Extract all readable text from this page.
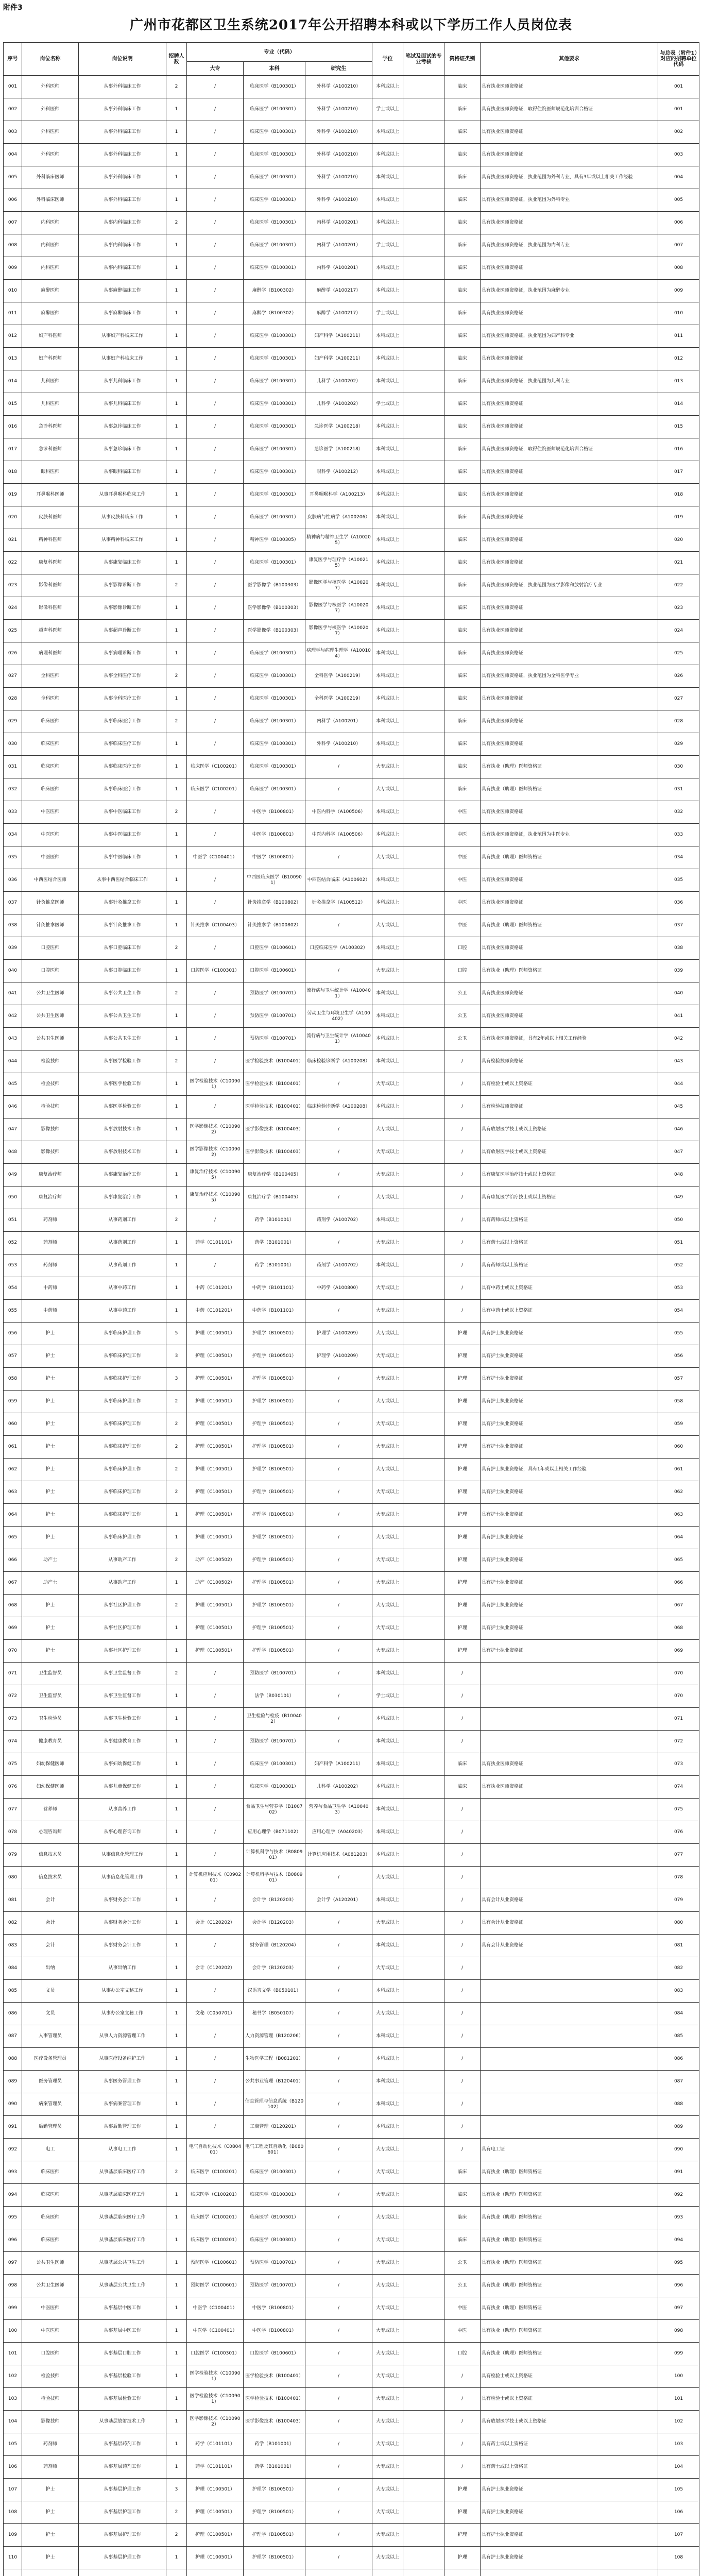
附件3
广州市花都区卫生系统2017年公开招聘本科或以下学历工作人员岗位表
序号	岗位名称	岗位说明	招聘人数	专业（代码）			学位	笔试及面试的专业考核	资格证类别	其他要求	与总表（附件1）对应的招聘单位代码
				大专	本科	研究生					
001	外科医师	从事外科临床工作	2	/	临床医学（B100301）	外科学（A100210）	本科或以上		临床	具有执业医师资格证	001
002	外科医师	从事外科临床工作	1	/	临床医学（B100301）	外科学（A100210）	学士或以上		临床	具有执业医师资格证，取得住院医师规范化培训合格证	001
003	外科医师	从事外科临床工作	1	/	临床医学（B100301）	外科学（A100210）	本科或以上		临床	具有执业医师资格证	002
004	外科医师	从事外科临床工作	1	/	临床医学（B100301）	外科学（A100210）	本科或以上		临床	具有执业医师资格证	003
005	外科临床医师	从事外科临床工作	1	/	临床医学（B100301）	外科学（A100210）	本科或以上		临床	具有执业医师资格证，执业范围为外科专业，具有3年或以上相关工作经验	004
006	外科临床医师	从事外科临床工作	1	/	临床医学（B100301）	外科学（A100210）	本科或以上		临床	具有执业医师资格证，执业范围为外科专业	005
007	内科医师	从事内科临床工作	2	/	临床医学（B100301）	内科学（A100201）	本科或以上		临床	具有执业医师资格证	006
008	内科医师	从事内科临床工作	1	/	临床医学（B100301）	内科学（A100201）	学士或以上		临床	具有执业医师资格证，执业范围为内科专业	007
009	内科医师	从事内科临床工作	1	/	临床医学（B100301）	内科学（A100201）	本科或以上		临床	具有执业医师资格证	008
010	麻醉医师	从事麻醉临床工作	1	/	麻醉学（B100302）	麻醉学（A100217）	本科或以上		临床	具有执业医师资格证，执业范围为麻醉专业	009
011	麻醉医师	从事麻醉临床工作	1	/	麻醉学（B100302）	麻醉学（A100217）	学士或以上		临床	具有执业医师资格证	010
012	妇产科医师	从事妇产科临床工作	1	/	临床医学（B100301）	妇产科学（A100211）	本科或以上		临床	具有执业医师资格证，执业范围为妇产科专业	011
013	妇产科医师	从事妇产科临床工作	1	/	临床医学（B100301）	妇产科学（A100211）	本科或以上		临床	具有执业医师资格证	012
014	儿科医师	从事儿科临床工作	1	/	临床医学（B100301）	儿科学（A100202）	本科或以上		临床	具有执业医师资格证，执业范围为儿科专业	013
015	儿科医师	从事儿科临床工作	1	/	临床医学（B100301）	儿科学（A100202）	学士或以上		临床	具有执业医师资格证	014
016	急诊科医师	从事急诊临床工作	1	/	临床医学（B100301）	急诊医学（A100218）	本科或以上		临床	具有执业医师资格证	015
017	急诊科医师	从事急诊临床工作	1	/	临床医学（B100301）	急诊医学（A100218）	本科或以上		临床	具有执业医师资格证，取得住院医师规范化培训合格证	016
018	眼科医师	从事眼科临床工作	1	/	临床医学（B100301）	眼科学（A100212）	本科或以上		临床	具有执业医师资格证	017
019	耳鼻喉科医师	从事耳鼻喉科临床工作	1	/	临床医学（B100301）	耳鼻咽喉科学（A100213）	本科或以上		临床	具有执业医师资格证	018
020	皮肤科医师	从事皮肤科临床工作	1	/	临床医学（B100301）	皮肤病与性病学（A100206）	本科或以上		临床	具有执业医师资格证	019
021	精神科医师	从事精神科临床工作	1	/	精神医学（B100305）	精神病与精神卫生学（A100205）	本科或以上		临床	具有执业医师资格证	020
022	康复科医师	从事康复临床工作	1	/	临床医学（B100301）	康复医学与理疗学（A100215）	本科或以上		临床	具有执业医师资格证	021
023	影像科医师	从事影像诊断工作	2	/	医学影像学（B100303）	影像医学与核医学（A100207）	本科或以上		临床	具有执业医师资格证，执业范围为医学影像和放射治疗专业	022
024	影像科医师	从事影像诊断工作	1	/	医学影像学（B100303）	影像医学与核医学（A100207）	本科或以上		临床	具有执业医师资格证	023
025	超声科医师	从事超声诊断工作	1	/	医学影像学（B100303）	影像医学与核医学（A100207）	本科或以上		临床	具有执业医师资格证	024
026	病理科医师	从事病理诊断工作	1	/	临床医学（B100301）	病理学与病理生理学（A100104）	本科或以上		临床	具有执业医师资格证	025
027	全科医师	从事全科医疗工作	2	/	临床医学（B100301）	全科医学（A100219）	本科或以上		临床	具有执业医师资格证，执业范围为全科医学专业	026
028	全科医师	从事全科医疗工作	1	/	临床医学（B100301）	全科医学（A100219）	本科或以上		临床	具有执业医师资格证	027
029	临床医师	从事临床医疗工作	2	/	临床医学（B100301）	内科学（A100201）	本科或以上		临床	具有执业医师资格证	028
030	临床医师	从事临床医疗工作	1	/	临床医学（B100301）	外科学（A100210）	本科或以上		临床	具有执业医师资格证	029
031	临床医师	从事临床医疗工作	1	临床医学（C100201）	临床医学（B100301）	/	大专或以上		临床	具有执业（助理）医师资格证	030
032	临床医师	从事临床医疗工作	1	临床医学（C100201）	临床医学（B100301）	/	大专或以上		临床	具有执业（助理）医师资格证	031
033	中医医师	从事中医临床工作	2	/	中医学（B100801）	中医内科学（A100506）	本科或以上		中医	具有执业医师资格证	032
034	中医医师	从事中医临床工作	1	/	中医学（B100801）	中医内科学（A100506）	本科或以上		中医	具有执业医师资格证，执业范围为中医专业	033
035	中医医师	从事中医临床工作	1	中医学（C100401）	中医学（B100801）	/	大专或以上		中医	具有执业（助理）医师资格证	034
036	中西医结合医师	从事中西医结合临床工作	1	/	中西医临床医学（B100901）	中西医结合临床（A100602）	本科或以上		中医	具有执业医师资格证	035
037	针灸推拿医师	从事针灸推拿工作	1	/	针灸推拿学（B100802）	针灸推拿学（A100512）	本科或以上		中医	具有执业医师资格证	036
038	针灸推拿医师	从事针灸推拿工作	1	针灸推拿（C100403）	针灸推拿学（B100802）	/	大专或以上		中医	具有执业（助理）医师资格证	037
039	口腔医师	从事口腔临床工作	2	/	口腔医学（B100601）	口腔临床医学（A100302）	本科或以上		口腔	具有执业医师资格证	038
040	口腔医师	从事口腔临床工作	1	口腔医学（C100301）	口腔医学（B100601）	/	大专或以上		口腔	具有执业（助理）医师资格证	039
041	公共卫生医师	从事公共卫生工作	2	/	预防医学（B100701）	流行病与卫生统计学（A100401）	本科或以上		公卫	具有执业医师资格证	040
042	公共卫生医师	从事公共卫生工作	1	/	预防医学（B100701）	劳动卫生与环境卫生学（A100402）	本科或以上		公卫	具有执业医师资格证	041
043	公共卫生医师	从事公共卫生工作	1	/	预防医学（B100701）	流行病与卫生统计学（A100401）	本科或以上		公卫	具有执业医师资格证，具有2年或以上相关工作经验	042
044	检验技师	从事医学检验工作	2	/	医学检验技术（B100401）	临床检验诊断学（A100208）	本科或以上		/	具有检验技师资格证	043
045	检验技师	从事医学检验工作	1	医学检验技术（C100901）	医学检验技术（B100401）	/	大专或以上		/	具有检验士或以上资格证	044
046	检验技师	从事医学检验工作	1	/	医学检验技术（B100401）	临床检验诊断学（A100208）	本科或以上		/	具有检验技师资格证	045
047	影像技师	从事放射技术工作	1	医学影像技术（C100902）	医学影像技术（B100403）	/	大专或以上		/	具有放射医学技士或以上资格证	046
048	影像技师	从事放射技术工作	1	医学影像技术（C100902）	医学影像技术（B100403）	/	大专或以上		/	具有放射医学技士或以上资格证	047
049	康复治疗师	从事康复治疗工作	1	康复治疗技术（C100905）	康复治疗学（B100405）	/	大专或以上		/	具有康复医学治疗技士或以上资格证	048
050	康复治疗师	从事康复治疗工作	1	康复治疗技术（C100905）	康复治疗学（B100405）	/	大专或以上		/	具有康复医学治疗技士或以上资格证	049
051	药剂师	从事药剂工作	2	/	药学（B101001）	药剂学（A100702）	本科或以上		/	具有药师或以上资格证	050
052	药剂师	从事药剂工作	1	药学（C101101）	药学（B101001）	/	大专或以上		/	具有药士或以上资格证	051
053	药剂师	从事药剂工作	1	/	药学（B101001）	药剂学（A100702）	本科或以上		/	具有药师或以上资格证	052
054	中药师	从事中药工作	1	中药（C101201）	中药学（B101101）	中药学（A100800）	大专或以上		/	具有中药士或以上资格证	053
055	中药师	从事中药工作	1	中药（C101201）	中药学（B101101）	/	大专或以上		/	具有中药士或以上资格证	054
056	护士	从事临床护理工作	5	护理（C100501）	护理学（B100501）	护理学（A100209）	大专或以上		护理	具有护士执业资格证	055
057	护士	从事临床护理工作	3	护理（C100501）	护理学（B100501）	护理学（A100209）	大专或以上		护理	具有护士执业资格证	056
058	护士	从事临床护理工作	3	护理（C100501）	护理学（B100501）	/	大专或以上		护理	具有护士执业资格证	057
059	护士	从事临床护理工作	2	护理（C100501）	护理学（B100501）	/	大专或以上		护理	具有护士执业资格证	058
060	护士	从事临床护理工作	2	护理（C100501）	护理学（B100501）	/	大专或以上		护理	具有护士执业资格证	059
061	护士	从事临床护理工作	2	护理（C100501）	护理学（B100501）	/	大专或以上		护理	具有护士执业资格证	060
062	护士	从事临床护理工作	2	护理（C100501）	护理学（B100501）	/	大专或以上		护理	具有护士执业资格证，具有1年或以上相关工作经验	061
063	护士	从事临床护理工作	2	护理（C100501）	护理学（B100501）	/	大专或以上		护理	具有护士执业资格证	062
064	护士	从事临床护理工作	1	护理（C100501）	护理学（B100501）	/	大专或以上		护理	具有护士执业资格证	063
065	护士	从事临床护理工作	1	护理（C100501）	护理学（B100501）	/	大专或以上		护理	具有护士执业资格证	064
066	助产士	从事助产工作	2	助产（C100502）	护理学（B100501）	/	大专或以上		护理	具有护士执业资格证	065
067	助产士	从事助产工作	1	助产（C100502）	护理学（B100501）	/	大专或以上		护理	具有护士执业资格证	066
068	护士	从事社区护理工作	2	护理（C100501）	护理学（B100501）	/	大专或以上		护理	具有护士执业资格证	067
069	护士	从事社区护理工作	1	护理（C100501）	护理学（B100501）	/	大专或以上		护理	具有护士执业资格证	068
070	护士	从事社区护理工作	1	护理（C100501）	护理学（B100501）	/	大专或以上		护理	具有护士执业资格证	069
071	卫生监督员	从事卫生监督工作	2	/	预防医学（B100701）	/	本科或以上		/		070
072	卫生监督员	从事卫生监督工作	1	/	法学（B030101）	/	学士或以上		/		070
073	卫生检验员	从事卫生检验工作	1	/	卫生检验与检疫（B100402）	/	本科或以上		/		071
074	健康教育员	从事健康教育工作	1	/	预防医学（B100701）	/	本科或以上		/		072
075	妇幼保健医师	从事妇幼保健工作	1	/	临床医学（B100301）	妇产科学（A100211）	本科或以上		临床	具有执业医师资格证	073
076	妇幼保健医师	从事儿童保健工作	1	/	临床医学（B100301）	儿科学（A100202）	本科或以上		临床	具有执业医师资格证	074
077	营养师	从事营养工作	1	/	食品卫生与营养学（B100702）	营养与食品卫生学（A100403）	本科或以上		/		075
078	心理咨询师	从事心理咨询工作	1	/	应用心理学（B071102）	应用心理学（A040203）	本科或以上		/		076
079	信息技术员	从事信息化管理工作	1	/	计算机科学与技术（B080901）	计算机应用技术（A081203）	本科或以上		/		077
080	信息技术员	从事信息化管理工作	1	计算机应用技术（C090201）	计算机科学与技术（B080901）	/	大专或以上		/		078
081	会计	从事财务会计工作	1	/	会计学（B120203）	会计学（A120201）	本科或以上		/	具有会计从业资格证	079
082	会计	从事财务会计工作	1	会计（C120202）	会计学（B120203）	/	大专或以上		/	具有会计从业资格证	080
083	会计	从事财务会计工作	1	/	财务管理（B120204）	/	本科或以上		/	具有会计从业资格证	081
084	出纳	从事出纳工作	1	会计（C120202）	会计学（B120203）	/	大专或以上		/		082
085	文员	从事办公室文秘工作	1	/	汉语言文学（B050101）	/	本科或以上		/		083
086	文员	从事办公室文秘工作	1	文秘（C050701）	秘书学（B050107）	/	大专或以上		/		084
087	人事管理员	从事人力资源管理工作	1	/	人力资源管理（B120206）	/	本科或以上		/		085
088	医疗设备管理员	从事医疗设备维护工作	1	/	生物医学工程（B081201）	/	本科或以上		/		086
089	医务管理员	从事医务管理工作	1	/	公共事业管理（B120401）	/	本科或以上		/		087
090	病案管理员	从事病案管理工作	1	/	信息管理与信息系统（B120102）	/	本科或以上		/		088
091	后勤管理员	从事后勤管理工作	1	/	工商管理（B120201）	/	本科或以上		/		089
092	电工	从事电工工作	1	电气自动化技术（C080401）	电气工程及其自动化（B080601）	/	大专或以上		/	具有电工证	090
093	临床医师	从事基层临床医疗工作	2	临床医学（C100201）	临床医学（B100301）	/	大专或以上		临床	具有执业（助理）医师资格证	091
094	临床医师	从事基层临床医疗工作	1	临床医学（C100201）	临床医学（B100301）	/	大专或以上		临床	具有执业（助理）医师资格证	092
095	临床医师	从事基层临床医疗工作	1	临床医学（C100201）	临床医学（B100301）	/	大专或以上		临床	具有执业（助理）医师资格证	093
096	临床医师	从事基层临床医疗工作	1	临床医学（C100201）	临床医学（B100301）	/	大专或以上		临床	具有执业（助理）医师资格证	094
097	公共卫生医师	从事基层公共卫生工作	1	预防医学（C100601）	预防医学（B100701）	/	大专或以上		公卫	具有执业（助理）医师资格证	095
098	公共卫生医师	从事基层公共卫生工作	1	预防医学（C100601）	预防医学（B100701）	/	大专或以上		公卫	具有执业（助理）医师资格证	096
099	中医医师	从事基层中医工作	1	中医学（C100401）	中医学（B100801）	/	大专或以上		中医	具有执业（助理）医师资格证	097
100	中医医师	从事基层中医工作	1	中医学（C100401）	中医学（B100801）	/	大专或以上		中医	具有执业（助理）医师资格证	098
101	口腔医师	从事基层口腔工作	1	口腔医学（C100301）	口腔医学（B100601）	/	大专或以上		口腔	具有执业（助理）医师资格证	099
102	检验技师	从事基层检验工作	1	医学检验技术（C100901）	医学检验技术（B100401）	/	大专或以上		/	具有检验士或以上资格证	100
103	检验技师	从事基层检验工作	1	医学检验技术（C100901）	医学检验技术（B100401）	/	大专或以上		/	具有检验士或以上资格证	101
104	影像技师	从事基层放射技术工作	1	医学影像技术（C100902）	医学影像技术（B100403）	/	大专或以上		/	具有放射医学技士或以上资格证	102
105	药剂师	从事基层药剂工作	1	药学（C101101）	药学（B101001）	/	大专或以上		/	具有药士或以上资格证	103
106	药剂师	从事基层药剂工作	1	药学（C101101）	药学（B101001）	/	大专或以上		/	具有药士或以上资格证	104
107	护士	从事基层护理工作	3	护理（C100501）	护理学（B100501）	/	大专或以上		护理	具有护士执业资格证	105
108	护士	从事基层护理工作	2	护理（C100501）	护理学（B100501）	/	大专或以上		护理	具有护士执业资格证	106
109	护士	从事基层护理工作	2	护理（C100501）	护理学（B100501）	/	大专或以上		护理	具有护士执业资格证	107
110	护士	从事基层护理工作	1	护理（C100501）	护理学（B100501）	/	大专或以上		护理	具有护士执业资格证	108
